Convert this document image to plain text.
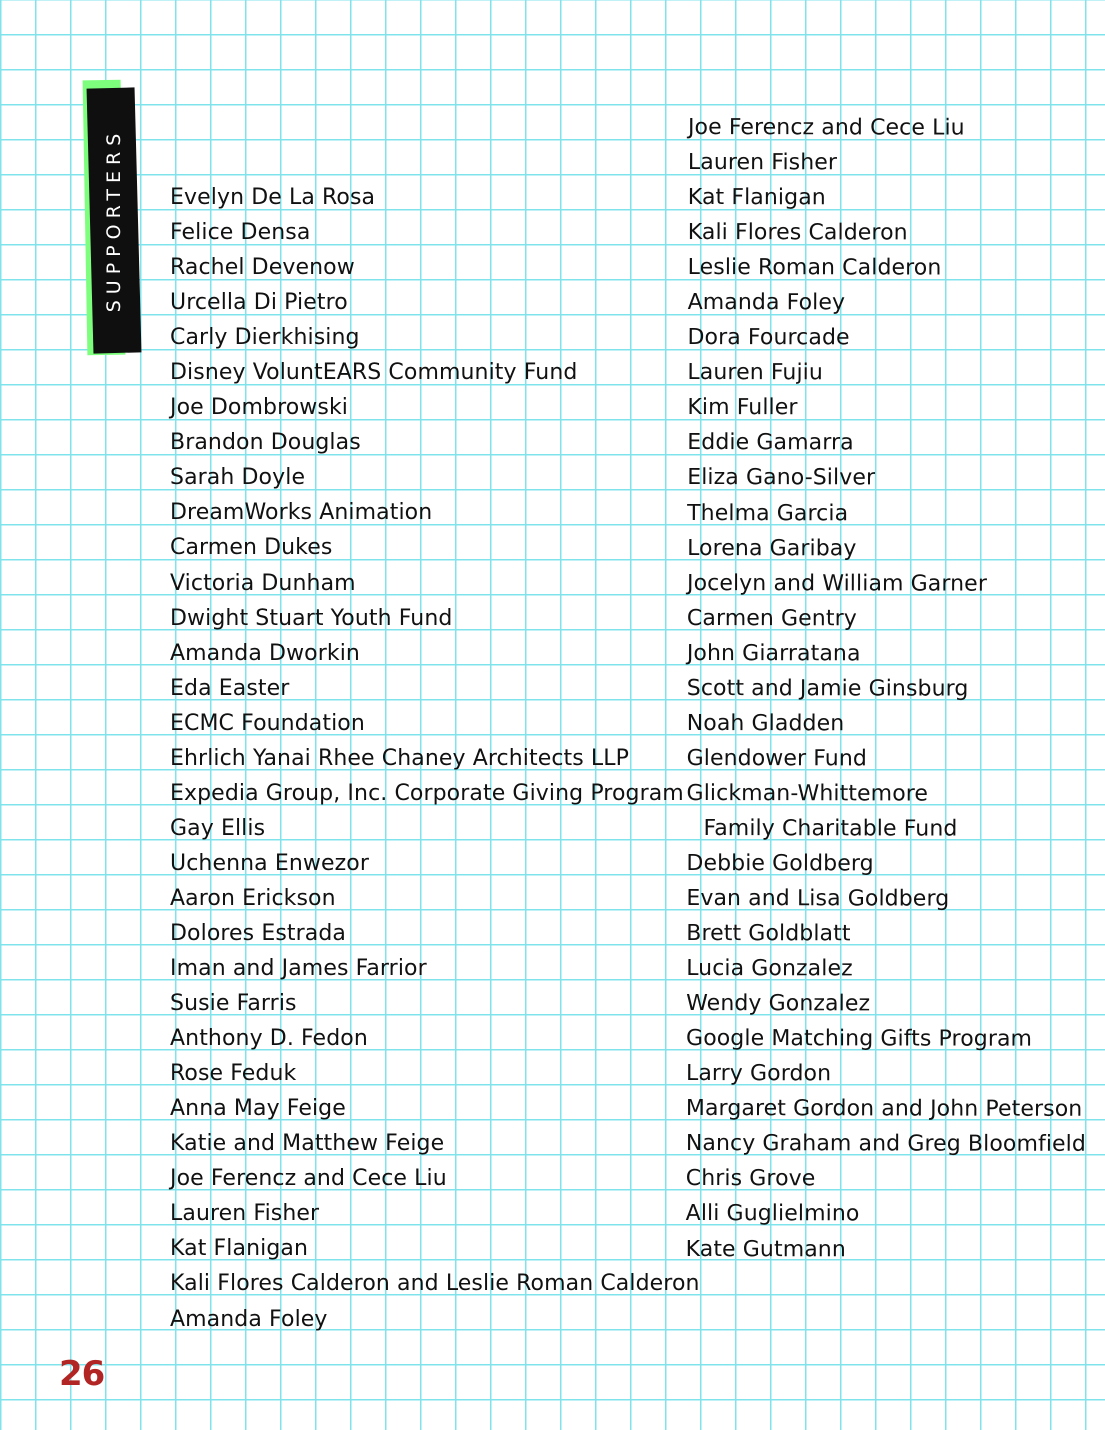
SUPPORTERS Evelyn De La Rosa
Felice Densa
Rachel Devenow
Urcella Di Pietro
Carly Dierkhising
Disney VoluntEARS Community Fund
Joe Dombrowski
Brandon Douglas
Sarah Doyle
DreamWorks Animation
Carmen Dukes
Victoria Dunham
Dwight Stuart Youth Fund
Amanda Dworkin
Eda Easter
ECMC Foundation
Ehrlich Yanai Rhee Chaney Architects LLP
Expedia Group, Inc. Corporate Giving Program
Gay Ellis
Uchenna Enwezor
Aaron Erickson
Dolores Estrada
Iman and James Farrior
Susie Farris
Anthony D. Fedon
Rose Feduk
Anna May Feige
Katie and Matthew Feige
Joe Ferencz and Cece Liu
Lauren Fisher
Kat Flanigan
Kali Flores Calderon and Leslie Roman Calderon
Amanda Foley
Joe Ferencz and Cece Liu
Lauren Fisher
Kat Flanigan
Kali Flores Calderon
Leslie Roman Calderon
Amanda Foley
Dora Fourcade
Lauren Fujiu
Kim Fuller
Eddie Gamarra
Eliza Gano-Silver
Thelma Garcia
Lorena Garibay
Jocelyn and William Garner
Carmen Gentry
John Giarratana
Scott and Jamie Ginsburg
Noah Gladden
Glendower Fund
Glickman-Whittemore
Family Charitable Fund
Debbie Goldberg
Evan and Lisa Goldberg
Brett Goldblatt
Lucia Gonzalez
Wendy Gonzalez
Google Matching Gifts Program
Larry Gordon
Margaret Gordon and John Peterson
Nancy Graham and Greg Bloomfield
Chris Grove
Alli Guglielmino
Kate Gutmann
26
